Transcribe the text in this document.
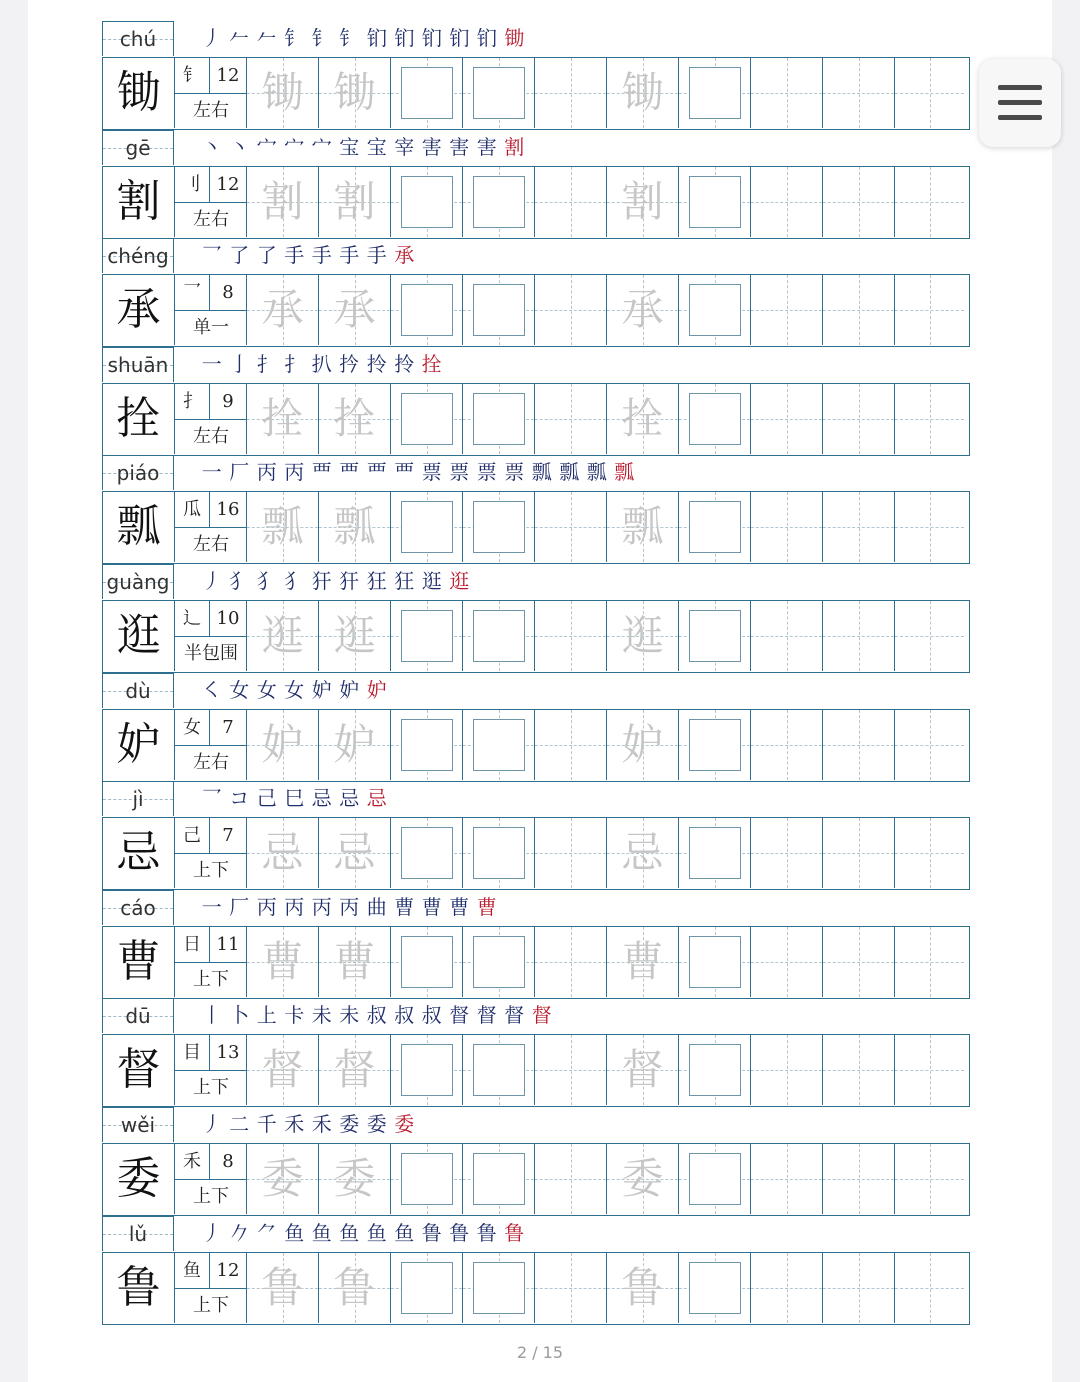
chú	丿 𠂉 𠂉 钅 钅 钅 钔 钔 钔 钔 钔 锄
锄	钅 12
左右 锄 锄	锄
gē	丶 丶 宀 宀 宀 宝 宝 宰 害 害 害 割
割	刂 12
左右 割 割	割
chéng 乛 了 了 手 手 手 手 承
承	乛	8
单一 承 承	承
shuān 一 亅 扌 扌 扒 扲 拎 拎 拴
拴	扌	9
左右 拴 拴	拴
piáo	一 厂 丙 丙 覀 覀 覀 覀 票 票 票 票 瓢 瓢 瓢 瓢
瓢	瓜 16
左右 瓢 瓢	瓢
guàng 丿 犭 犭 犭 犴 犴 狂 狂 逛 逛
逛	辶 10
半包围 逛 逛	逛
dù	㇛ 女 女 女 妒 妒 妒
妒	女	7
左右 妒 妒	妒
jì	乛 コ 己 巳 忌 忌 忌
忌	己	7
上下 忌 忌	忌
cáo	一 厂 丙 丙 丙 丙 曲 曹 曹 曹 曹
曹	日 11
上下 曹 曹	曹
dū	丨 卜 上 卡 未 未 叔 叔 叔 督 督 督 督
督	目 13
上下 督 督	督
wěi	丿 二 千 禾 禾 委 委 委
委	禾	8
上下 委 委	委
lǔ	丿 𠂊 ⺈ 鱼 鱼 鱼 鱼 鱼 鲁 鲁 鲁 鲁
鲁	鱼 12
上下 鲁 鲁	鲁
2 / 15
